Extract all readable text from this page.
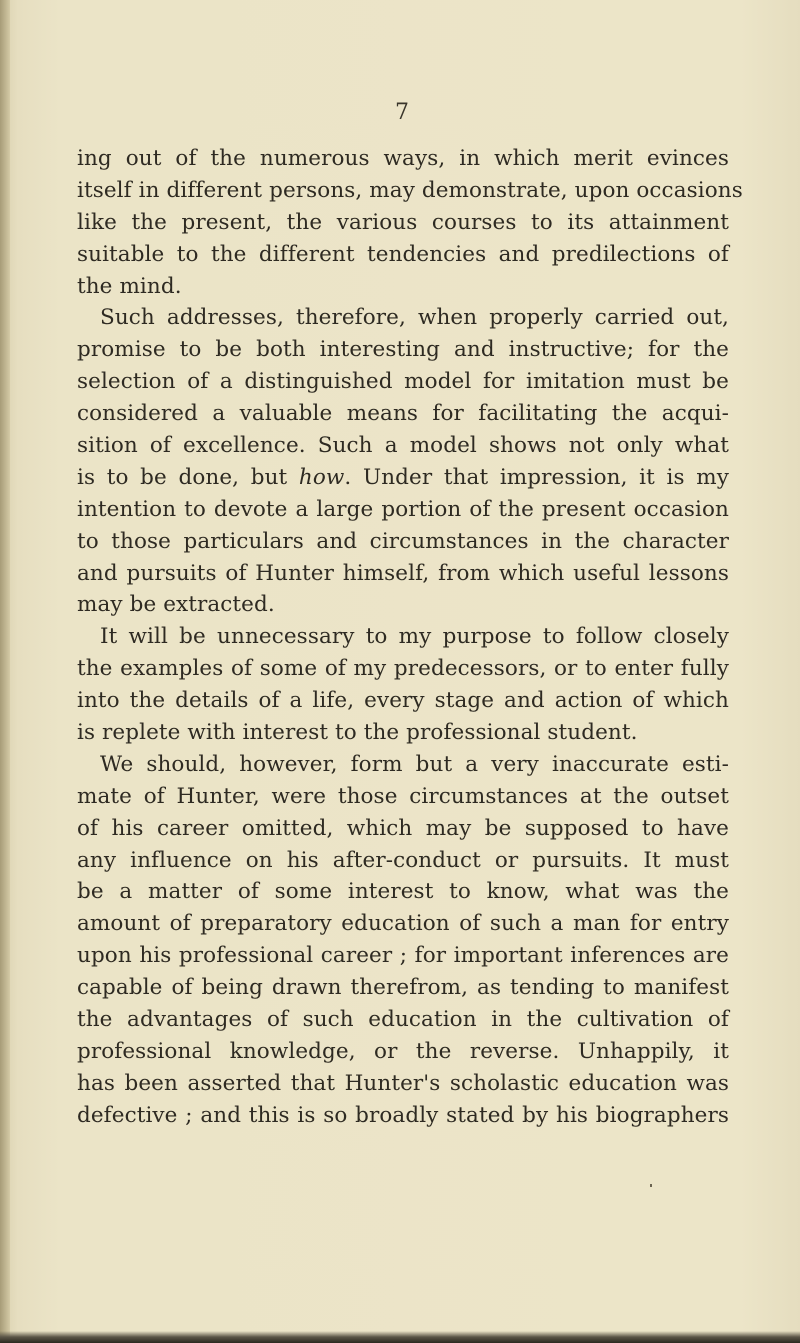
7
ing out of the numerous ways, in which merit evinces
itself in different persons, may demonstrate, upon occasions
like the present, the various courses to its attainment
suitable to the different tendencies and predilections of
the mind.
Such addresses, therefore, when properly carried out,
promise to be both interesting and instructive; for the
selection of a distinguished model for imitation must be
considered a valuable means for facilitating the acqui-
sition of excellence. Such a model shows not only what
is to be done, but how. Under that impression, it is my
intention to devote a large portion of the present occasion
to those particulars and circumstances in the character
and pursuits of Hunter himself, from which useful lessons
may be extracted.
It will be unnecessary to my purpose to follow closely
the examples of some of my predecessors, or to enter fully
into the details of a life, every stage and action of which
is replete with interest to the professional student.
We should, however, form but a very inaccurate esti-
mate of Hunter, were those circumstances at the outset
of his career omitted, which may be supposed to have
any influence on his after-conduct or pursuits. It must
be a matter of some interest to know, what was the
amount of preparatory education of such a man for entry
upon his professional career ; for important inferences are
capable of being drawn therefrom, as tending to manifest
the advantages of such education in the cultivation of
professional knowledge, or the reverse. Unhappily, it
has been asserted that Hunter's scholastic education was
defective ; and this is so broadly stated by his biographers
